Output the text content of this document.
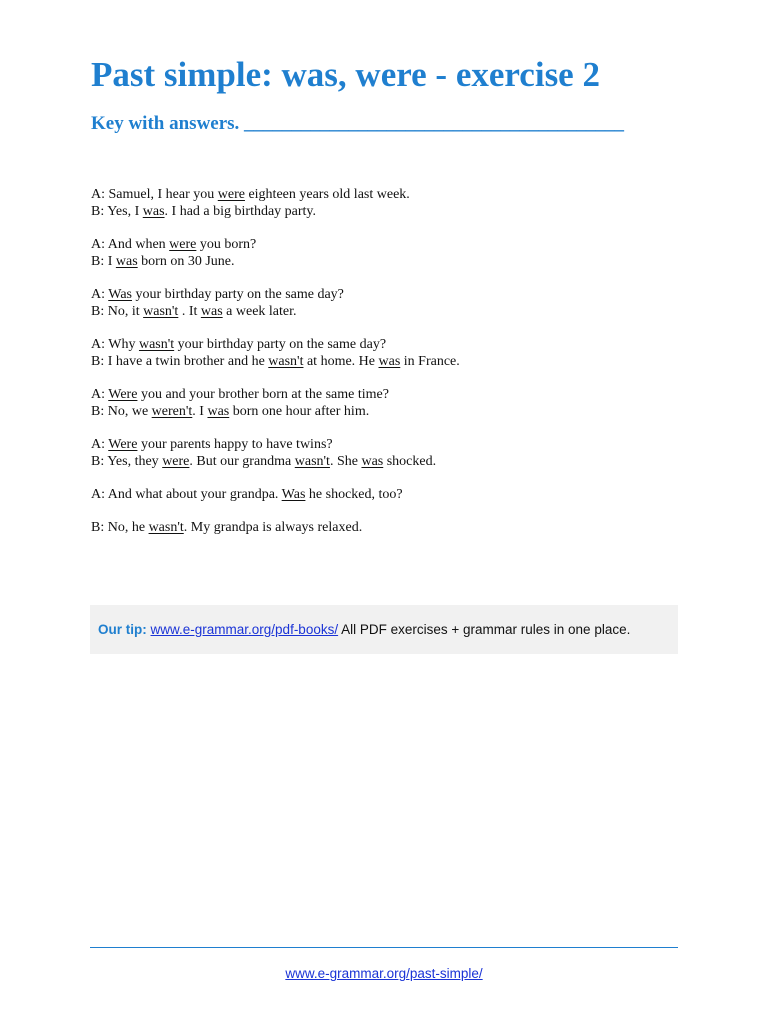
Past simple: was, were - exercise 2
Key with answers. ________________________________________
A: Samuel, I hear you were eighteen years old last week.
B: Yes, I was. I had a big birthday party.
A: And when were you born?
B: I was born on 30 June.
A: Was your birthday party on the same day?
B: No, it wasn't . It was a week later.
A: Why wasn't your birthday party on the same day?
B: I have a twin brother and he wasn't at home. He was in France.
A: Were you and your brother born at the same time?
B: No, we weren't. I was born one hour after him.
A: Were your parents happy to have twins?
B: Yes, they were. But our grandma wasn't. She was shocked.
A: And what about your grandpa. Was he shocked, too?
B: No, he wasn't. My grandpa is always relaxed.
Our tip: www.e-grammar.org/pdf-books/ All PDF exercises + grammar rules in one place.
www.e-grammar.org/past-simple/
